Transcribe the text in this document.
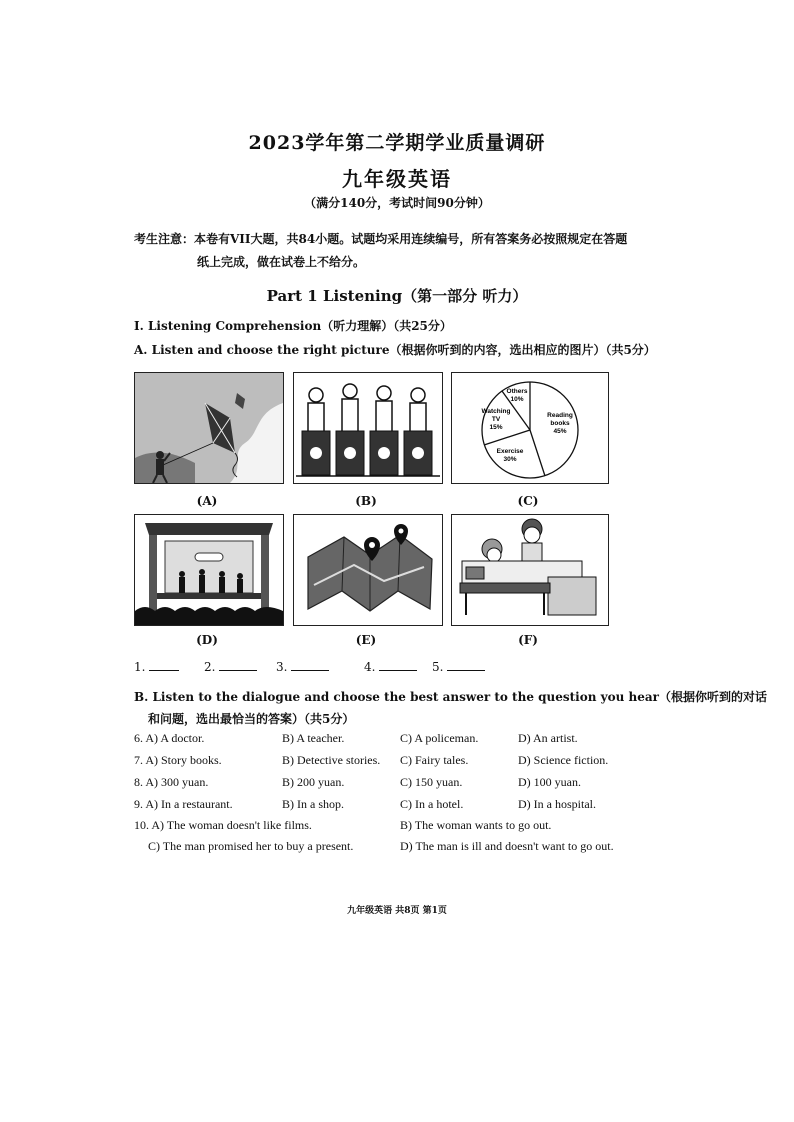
2023学年第二学期学业质量调研
九年级英语
（满分140分，考试时间90分钟）
考生注意：本卷有VII大题，共84小题。试题均采用连续编号，所有答案务必按照规定在答题
纸上完成，做在试卷上不给分。
Part 1 Listening（第一部分 听力）
I. Listening Comprehension（听力理解）（共25分）
A. Listen and choose the right picture（根据你听到的内容，选出相应的图片）（共5分）
Others
10%
Reading
books
45%
Watching
TV
15%
Exercise
30%
(A)	(B)	(C)
(D)	(E)	(F)
1.	2.	3.	4.	5.
B. Listen to the dialogue and choose the best answer to the question you hear（根据你听到的对话
和问题，选出最恰当的答案）（共5分）
6. A) A doctor.	B) A teacher.	C) A policeman.	D) An artist.
7. A) Story books.	B) Detective stories. C) Fairy tales.	D) Science fiction.
8. A) 300 yuan.	B) 200 yuan.	C) 150 yuan.	D) 100 yuan.
9. A) In a restaurant.	B) In a shop.	C) In a hotel.	D) In a hospital.
10. A) The woman doesn't like films.	B) The woman wants to go out.
C) The man promised her to buy a present.	D) The man is ill and doesn't want to go out.
九年级英语 共8页 第1页
